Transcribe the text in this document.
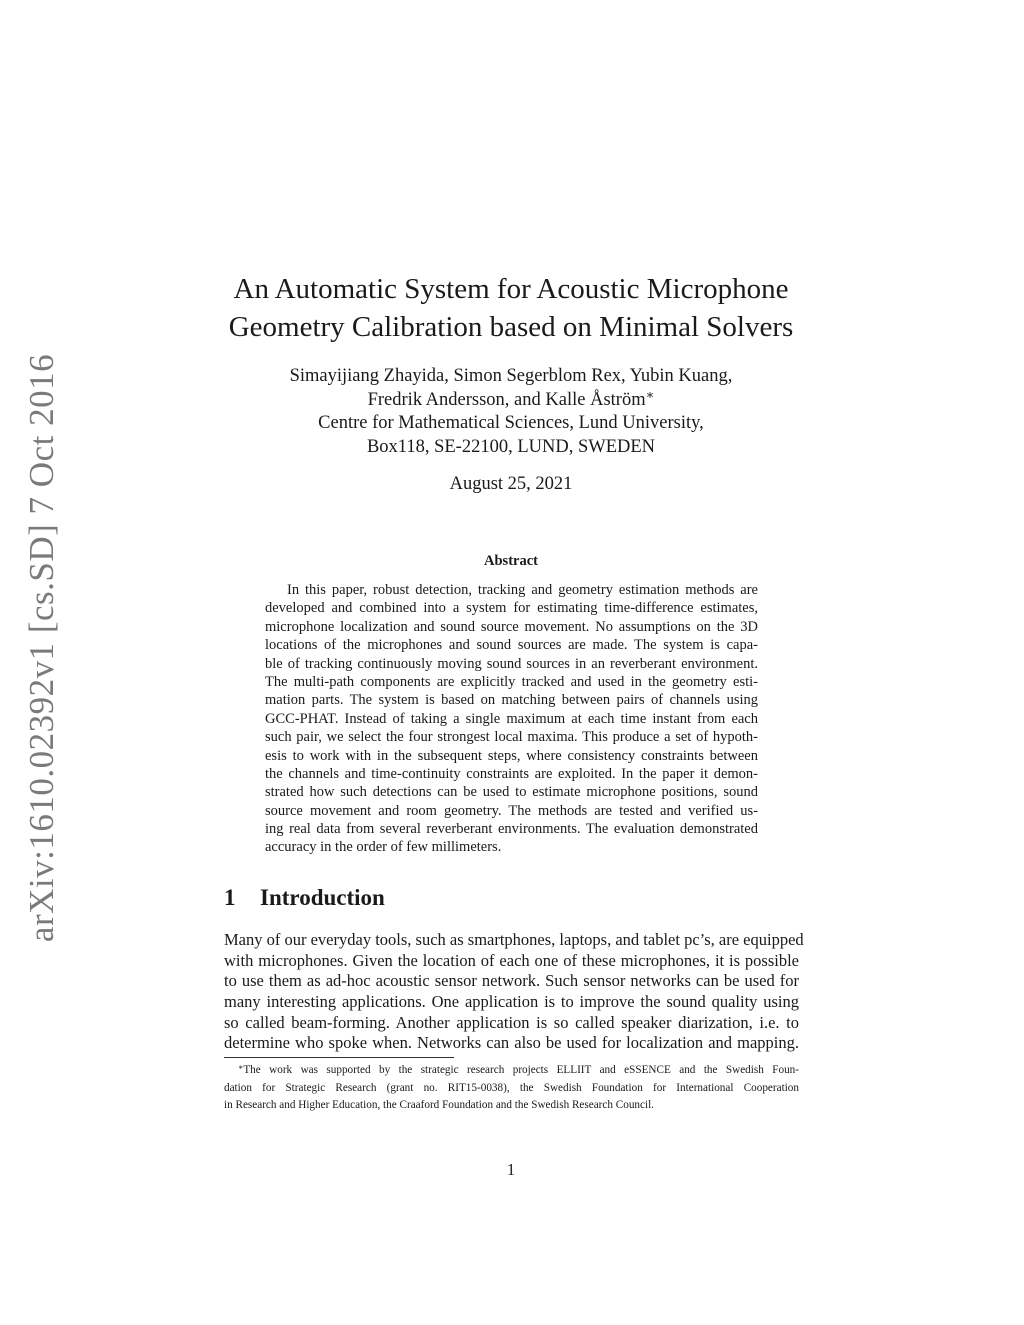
arXiv:1610.02392v1 [cs.SD] 7 Oct 2016
An Automatic System for Acoustic Microphone
Geometry Calibration based on Minimal Solvers
Simayijiang Zhayida, Simon Segerblom Rex, Yubin Kuang,
Fredrik Andersson, and Kalle Åström∗
Centre for Mathematical Sciences, Lund University,
Box118, SE-22100, LUND, SWEDEN
August 25, 2021
Abstract
In this paper, robust detection, tracking and geometry estimation methods are
developed and combined into a system for estimating time-difference estimates,
microphone localization and sound source movement. No assumptions on the 3D
locations of the microphones and sound sources are made. The system is capa-
ble of tracking continuously moving sound sources in an reverberant environment.
The multi-path components are explicitly tracked and used in the geometry esti-
mation parts. The system is based on matching between pairs of channels using
GCC-PHAT. Instead of taking a single maximum at each time instant from each
such pair, we select the four strongest local maxima. This produce a set of hypoth-
esis to work with in the subsequent steps, where consistency constraints between
the channels and time-continuity constraints are exploited. In the paper it demon-
strated how such detections can be used to estimate microphone positions, sound
source movement and room geometry. The methods are tested and verified us-
ing real data from several reverberant environments. The evaluation demonstrated
accuracy in the order of few millimeters.
1 Introduction
Many of our everyday tools, such as smartphones, laptops, and tablet pc’s, are equipped
with microphones. Given the location of each one of these microphones, it is possible
to use them as ad-hoc acoustic sensor network. Such sensor networks can be used for
many interesting applications. One application is to improve the sound quality using
so called beam-forming. Another application is so called speaker diarization, i.e. to
determine who spoke when. Networks can also be used for localization and mapping.
∗The work was supported by the strategic research projects ELLIIT and eSSENCE and the Swedish Foun-
dation for Strategic Research (grant no. RIT15-0038), the Swedish Foundation for International Cooperation
in Research and Higher Education, the Craaford Foundation and the Swedish Research Council.
1
